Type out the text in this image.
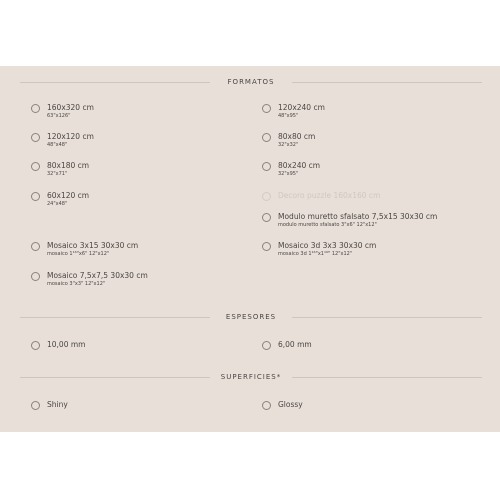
FORMATOS
160x320 cm
63"x126"
120x240 cm
48"x95"
120x120 cm
48"x48"
80x80 cm
32"x32"
80x180 cm
32"x71"
80x240 cm
32"x95"
60x120 cm
24"x48"
Decoro puzzle 160x160 cm
Modulo muretto sfalsato 7,5x15 30x30 cm
modulo muretto sfalsato 3"x6" 12"x12"
Mosaico 3x15 30x30 cm
mosaico 1¹⁶"x6" 12"x12"
Mosaico 3d 3x3 30x30 cm
mosaico 3d 1¹⁶"x1¹⁶" 12"x12"
Mosaico 7,5x7,5 30x30 cm
mosaico 3"x3" 12"x12"
ESPESORES
10,00 mm	6,00 mm
SUPERFICIES*
Shiny	Glossy
